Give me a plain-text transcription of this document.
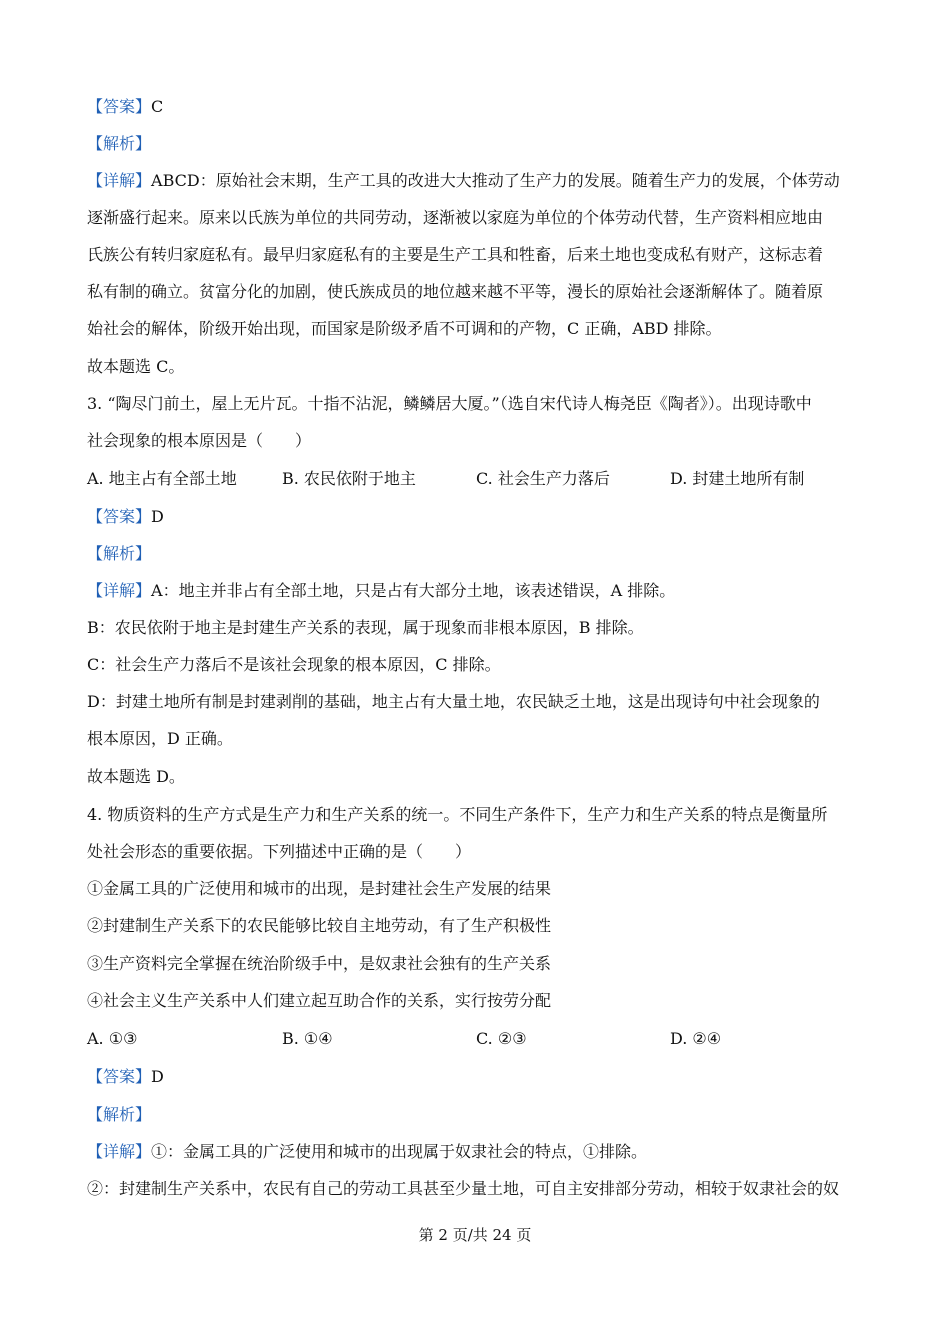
【答案】C
【解析】
【详解】ABCD：原始社会末期，生产工具的改进大大推动了生产力的发展。随着生产力的发展，个体劳动
逐渐盛行起来。原来以氏族为单位的共同劳动，逐渐被以家庭为单位的个体劳动代替，生产资料相应地由
氏族公有转归家庭私有。最早归家庭私有的主要是生产工具和牲畜，后来土地也变成私有财产，这标志着
私有制的确立。贫富分化的加剧，使氏族成员的地位越来越不平等，漫长的原始社会逐渐解体了。随着原
始社会的解体，阶级开始出现，而国家是阶级矛盾不可调和的产物，C 正确，ABD 排除。
故本题选 C。
3. “陶尽门前土，屋上无片瓦。十指不沾泥，鳞鳞居大厦。”（选自宋代诗人梅尧臣《陶者》）。出现诗歌中
社会现象的根本原因是（　　）
A. 地主占有全部土地	B. 农民依附于地主	C. 社会生产力落后	D. 封建土地所有制
【答案】D
【解析】
【详解】A：地主并非占有全部土地，只是占有大部分土地，该表述错误，A 排除。
B：农民依附于地主是封建生产关系的表现，属于现象而非根本原因，B 排除。
C：社会生产力落后不是该社会现象的根本原因，C 排除。
D：封建土地所有制是封建剥削的基础，地主占有大量土地，农民缺乏土地，这是出现诗句中社会现象的
根本原因，D 正确。
故本题选 D。
4. 物质资料的生产方式是生产力和生产关系的统一。不同生产条件下，生产力和生产关系的特点是衡量所
处社会形态的重要依据。下列描述中正确的是（　　）
①金属工具的广泛使用和城市的出现，是封建社会生产发展的结果
②封建制生产关系下的农民能够比较自主地劳动，有了生产积极性
③生产资料完全掌握在统治阶级手中，是奴隶社会独有的生产关系
④社会主义生产关系中人们建立起互助合作的关系，实行按劳分配
A. ①③	B. ①④	C. ②③	D. ②④
【答案】D
【解析】
【详解】①：金属工具的广泛使用和城市的出现属于奴隶社会的特点，①排除。
②：封建制生产关系中，农民有自己的劳动工具甚至少量土地，可自主安排部分劳动，相较于奴隶社会的奴
第 2 页/共 24 页
